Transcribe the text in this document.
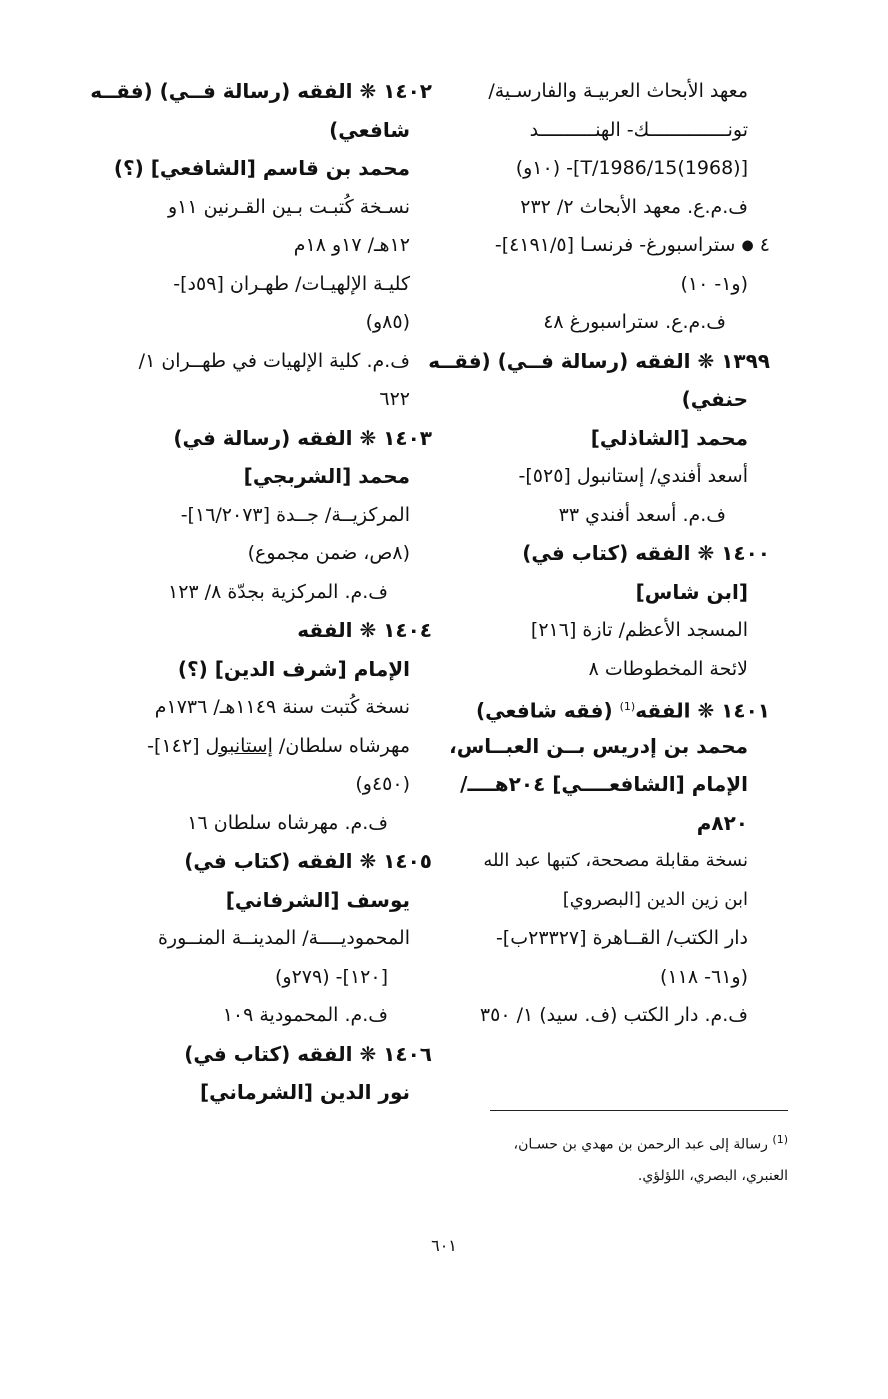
معهد الأبحاث العربيـة والفارسـية/
تونــــــــــــــك- الهنــــــــــد
[(1968)T/1986/15]- (١٠و)
ف.م.ع. معهد الأبحاث ٢/ ٢٣٢
٤ ● ستراسبورغ- فرنسـا [٤١٩١/٥]-
(و١- ١٠)
ف.م.ع. ستراسبورغ ٤٨
١٣٩٩ ❋ الفقه (رسالة فــي) (فقــه
حنفي)
محمد [الشاذلي]
أسعد أفندي/ إستانبول [٥٢٥]-
ف.م. أسعد أفندي ٣٣
١٤٠٠ ❋ الفقه (كتاب في)
[ابن شاس]
المسجد الأعظم/ تازة [٢١٦]
لائحة المخطوطات ٨
١٤٠١ ❋ الفقه$^{(1)}$ (فقه شافعي)
محمد بن إدريس بــن العبــاس،
الإمام [الشافعــــي] ٢٠٤هــــ/
٨٢٠م
نسخة مقابلة مصححة، كتبها عبد الله
ابن زين الدين [البصروي]
دار الكتب/ القــاهرة [٢٣٣٢٧ب]-
(و٦١- ١١٨)
ف.م. دار الكتب (ف. سيد) ١/ ٣٥٠
١٤٠٢ ❋ الفقه (رسالة فــي) (فقــه
شافعي)
محمد بن قاسم [الشافعي] (؟)
نسـخة كُتبـت بـين القـرنين ١١و
١٢هـ/ ١٧و ١٨م
كليـة الإلهيـات/ طهـران [٥٩د]-
(٨٥و)
ف.م. كلية الإلهيات في طهــران ١/
٦٢٢
١٤٠٣ ❋ الفقه (رسالة في)
محمد [الشربجي]
المركزيــة/ جــدة [١٦/٢٠٧٣]-
(٨ص، ضمن مجموع)
ف.م. المركزية بجدّة ٨/ ١٢٣
١٤٠٤ ❋ الفقه
الإمام [شرف الدين] (؟)
نسخة كُتبت سنة ١١٤٩هـ/ ١٧٣٦م
مهرشاه سلطان/ إستانبول [١٤٢]-
(٤٥٠و)
ف.م. مهرشاه سلطان ١٦
١٤٠٥ ❋ الفقه (كتاب في)
يوسف [الشرفاني]
المحموديــــة/ المدينــة المنــورة
[١٢٠]- (٢٧٩و)
ف.م. المحمودية ١٠٩
١٤٠٦ ❋ الفقه (كتاب في)
نور الدين [الشرماني]
$^{(1)}$ رسالة إلى عبد الرحمن بن مهدي بن حسـان،
العنبري، البصري، اللؤلؤي.
٦٠١
